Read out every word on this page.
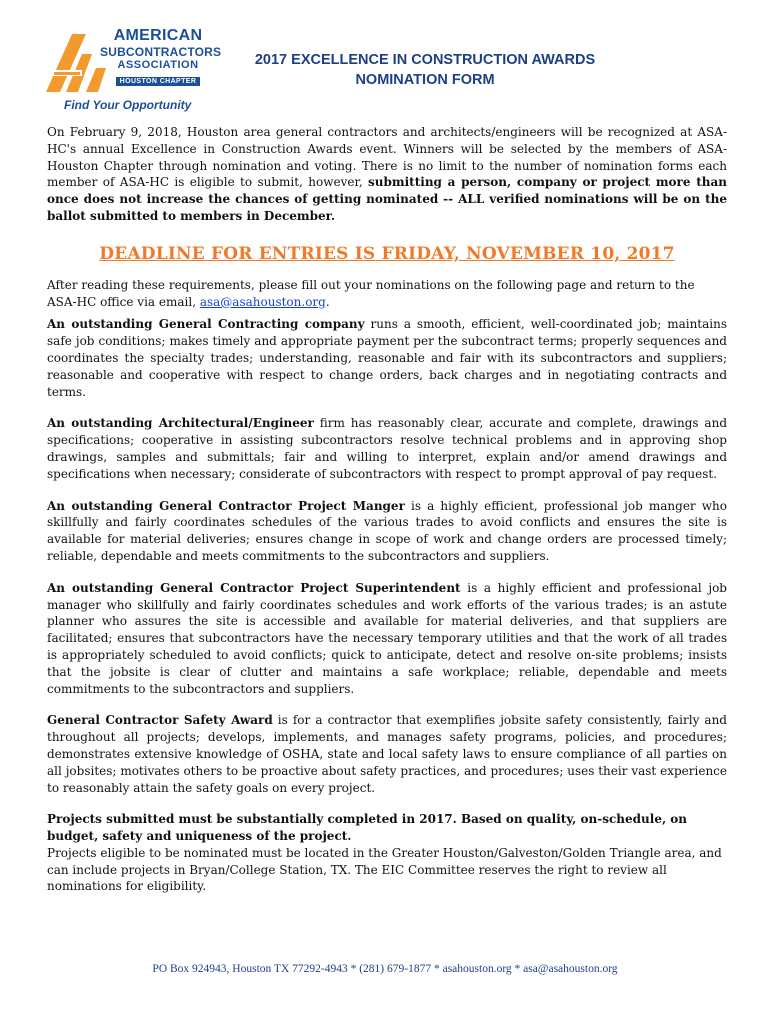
AMERICAN
SUBCONTRACTORS
ASSOCIATION
HOUSTON CHAPTER
Find Your Opportunity
2017 EXCELLENCE IN CONSTRUCTION AWARDS
NOMINATION FORM

On February 9, 2018, Houston area general contractors and architects/engineers will be recognized at ASA-HC's annual Excellence in Construction Awards event. Winners will be selected by the members of ASA-Houston Chapter through nomination and voting. There is no limit to the number of nomination forms each member of ASA-HC is eligible to submit, however, submitting a person, company or project more than once does not increase the chances of getting nominated -- ALL verified nominations will be on the ballot submitted to members in December.

DEADLINE FOR ENTRIES IS FRIDAY, NOVEMBER 10, 2017

After reading these requirements, please fill out your nominations on the following page and return to the ASA-HC office via email, asa@asahouston.org.

An outstanding General Contracting company runs a smooth, efficient, well-coordinated job; maintains safe job conditions; makes timely and appropriate payment per the subcontract terms; properly sequences and coordinates the specialty trades; understanding, reasonable and fair with its subcontractors and suppliers; reasonable and cooperative with respect to change orders, back charges and in negotiating contracts and terms.

An outstanding Architectural/Engineer firm has reasonably clear, accurate and complete, drawings and specifications; cooperative in assisting subcontractors resolve technical problems and in approving shop drawings, samples and submittals; fair and willing to interpret, explain and/or amend drawings and specifications when necessary; considerate of subcontractors with respect to prompt approval of pay request.

An outstanding General Contractor Project Manger is a highly efficient, professional job manger who skillfully and fairly coordinates schedules of the various trades to avoid conflicts and ensures the site is available for material deliveries; ensures change in scope of work and change orders are processed timely; reliable, dependable and meets commitments to the subcontractors and suppliers.

An outstanding General Contractor Project Superintendent is a highly efficient and professional job manager who skillfully and fairly coordinates schedules and work efforts of the various trades; is an astute planner who assures the site is accessible and available for material deliveries, and that suppliers are facilitated; ensures that subcontractors have the necessary temporary utilities and that the work of all trades is appropriately scheduled to avoid conflicts; quick to anticipate, detect and resolve on-site problems; insists that the jobsite is clear of clutter and maintains a safe workplace; reliable, dependable and meets commitments to the subcontractors and suppliers.

General Contractor Safety Award is for a contractor that exemplifies jobsite safety consistently, fairly and throughout all projects; develops, implements, and manages safety programs, policies, and procedures; demonstrates extensive knowledge of OSHA, state and local safety laws to ensure compliance of all parties on all jobsites; motivates others to be proactive about safety practices, and procedures; uses their vast experience to reasonably attain the safety goals on every project.

Projects submitted must be substantially completed in 2017. Based on quality, on-schedule, on budget, safety and uniqueness of the project.

Projects eligible to be nominated must be located in the Greater Houston/Galveston/Golden Triangle area, and can include projects in Bryan/College Station, TX. The EIC Committee reserves the right to review all nominations for eligibility.

PO Box 924943, Houston TX 77292-4943 * (281) 679-1877 * asahouston.org * asa@asahouston.org
